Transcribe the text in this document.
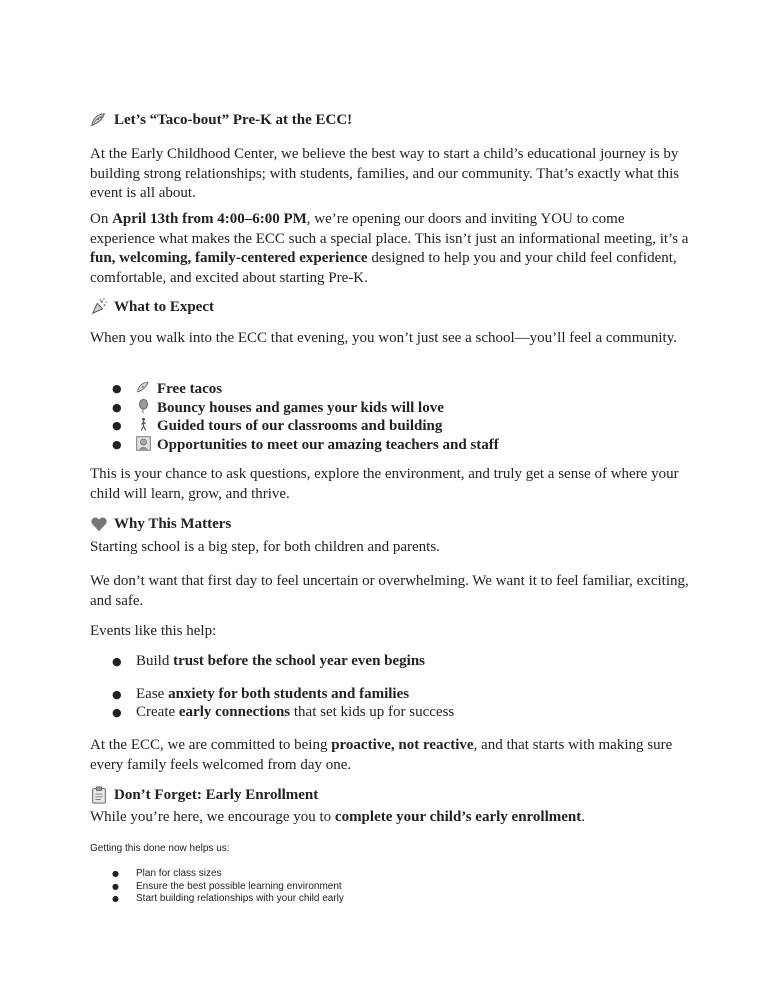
Let’s “Taco-bout” Pre-K at the ECC!

At the Early Childhood Center, we believe the best way to start a child’s educational journey is by building strong relationships; with students, families, and our community. That’s exactly what this event is all about.

On April 13th from 4:00–6:00 PM, we’re opening our doors and inviting YOU to come experience what makes the ECC such a special place. This isn’t just an informational meeting, it’s a fun, welcoming, family-centered experience designed to help you and your child feel confident, comfortable, and excited about starting Pre-K.

What to Expect

When you walk into the ECC that evening, you won’t just see a school—you’ll feel a community.

● Free tacos
● Bouncy houses and games your kids will love
● Guided tours of our classrooms and building
● Opportunities to meet our amazing teachers and staff

This is your chance to ask questions, explore the environment, and truly get a sense of where your child will learn, grow, and thrive.

Why This Matters

Starting school is a big step, for both children and parents.

We don’t want that first day to feel uncertain or overwhelming. We want it to feel familiar, exciting, and safe.

Events like this help:

● Build trust before the school year even begins
● Ease anxiety for both students and families
● Create early connections that set kids up for success

At the ECC, we are committed to being proactive, not reactive, and that starts with making sure every family feels welcomed from day one.

Don’t Forget: Early Enrollment

While you’re here, we encourage you to complete your child’s early enrollment.

Getting this done now helps us:
● Plan for class sizes
● Ensure the best possible learning environment
● Start building relationships with your child early
